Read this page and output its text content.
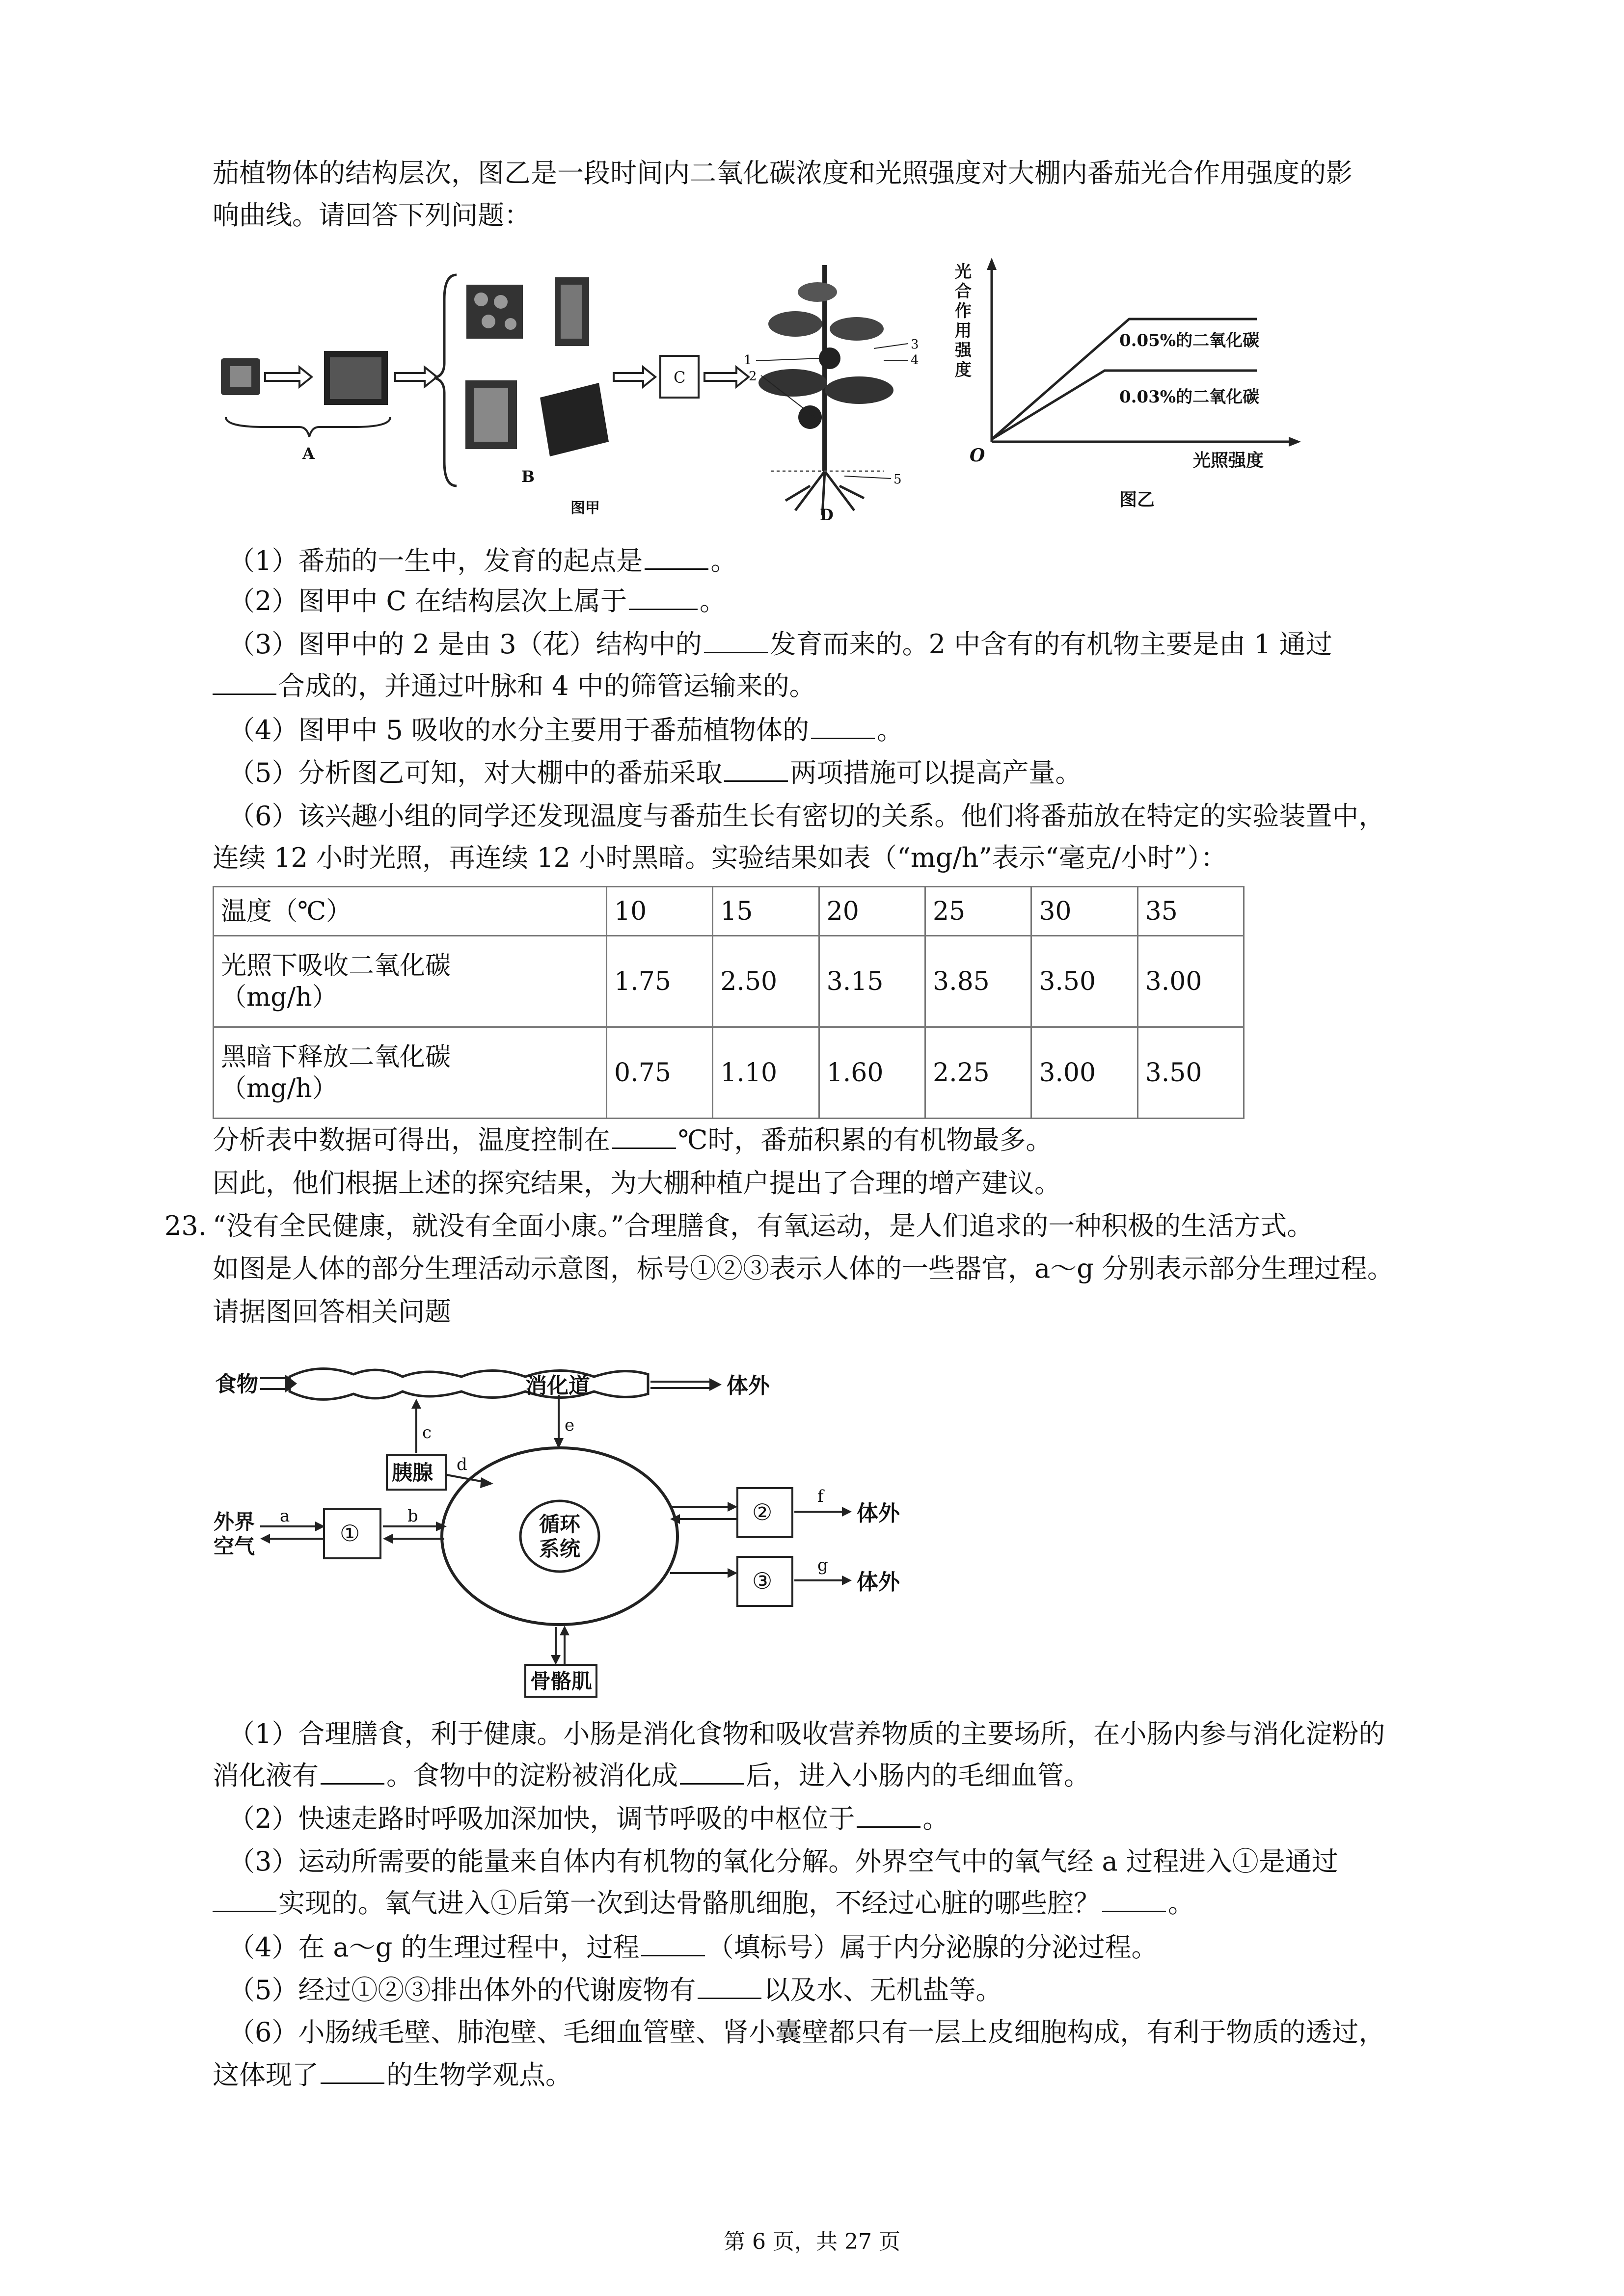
茄植物体的结构层次，图乙是一段时间内二氧化碳浓度和光照强度对大棚内番茄光合作用强度的影
响曲线。请回答下列问题：
A
B
C
1
2
3
4
5
D
图甲
光 合 作 用 强 度
0.05%的二氧化碳
0.03%的二氧化碳
O	光照强度
图乙
（1）番茄的一生中，发育的起点是	。
（2）图甲中 C 在结构层次上属于	。
（3）图甲中的 2 是由 3（花）结构中的	发育而来的。2 中含有的有机物主要是由 1 通过
合成的，并通过叶脉和 4 中的筛管运输来的。
（4）图甲中 5 吸收的水分主要用于番茄植物体的	。
（5）分析图乙可知，对大棚中的番茄采取	两项措施可以提高产量。
（6）该兴趣小组的同学还发现温度与番茄生长有密切的关系。他们将番茄放在特定的实验装置中，
连续 12 小时光照，再连续 12 小时黑暗。实验结果如表（“mg/h”表示“毫克/小时”）：
温度（℃）	10	15	20	25	30	35
光照下吸收二氧化碳
（mg/h）	1.75	2.50	3.15	3.85	3.50	3.00
黑暗下释放二氧化碳
（mg/h）	0.75	1.10	1.60	2.25	3.00	3.50
分析表中数据可得出，温度控制在	℃时，番茄积累的有机物最多。
因此，他们根据上述的探究结果，为大棚种植户提出了合理的增产建议。
23. “没有全民健康，就没有全面小康。”合理膳食，有氧运动，是人们追求的一种积极的生活方式。
如图是人体的部分生理活动示意图，标号①②③表示人体的一些器官，a～g 分别表示部分生理过程。
请据图回答相关问题
食物	消化道	体外
胰腺
c
d
循环
系统
e
①
外界
空气
a	b	②
f
体外
③
g
体外
骨骼肌
（1）合理膳食，利于健康。小肠是消化食物和吸收营养物质的主要场所，在小肠内参与消化淀粉的
消化液有	。食物中的淀粉被消化成	后，进入小肠内的毛细血管。
（2）快速走路时呼吸加深加快，调节呼吸的中枢位于	。
（3）运动所需要的能量来自体内有机物的氧化分解。外界空气中的氧气经 a 过程进入①是通过
实现的。氧气进入①后第一次到达骨骼肌细胞，不经过心脏的哪些腔？	。
（4）在 a～g 的生理过程中，过程	（填标号）属于内分泌腺的分泌过程。
（5）经过①②③排出体外的代谢废物有	以及水、无机盐等。
（6）小肠绒毛壁、肺泡壁、毛细血管壁、肾小囊壁都只有一层上皮细胞构成，有利于物质的透过，
这体现了	的生物学观点。
第 6 页，共 27 页
